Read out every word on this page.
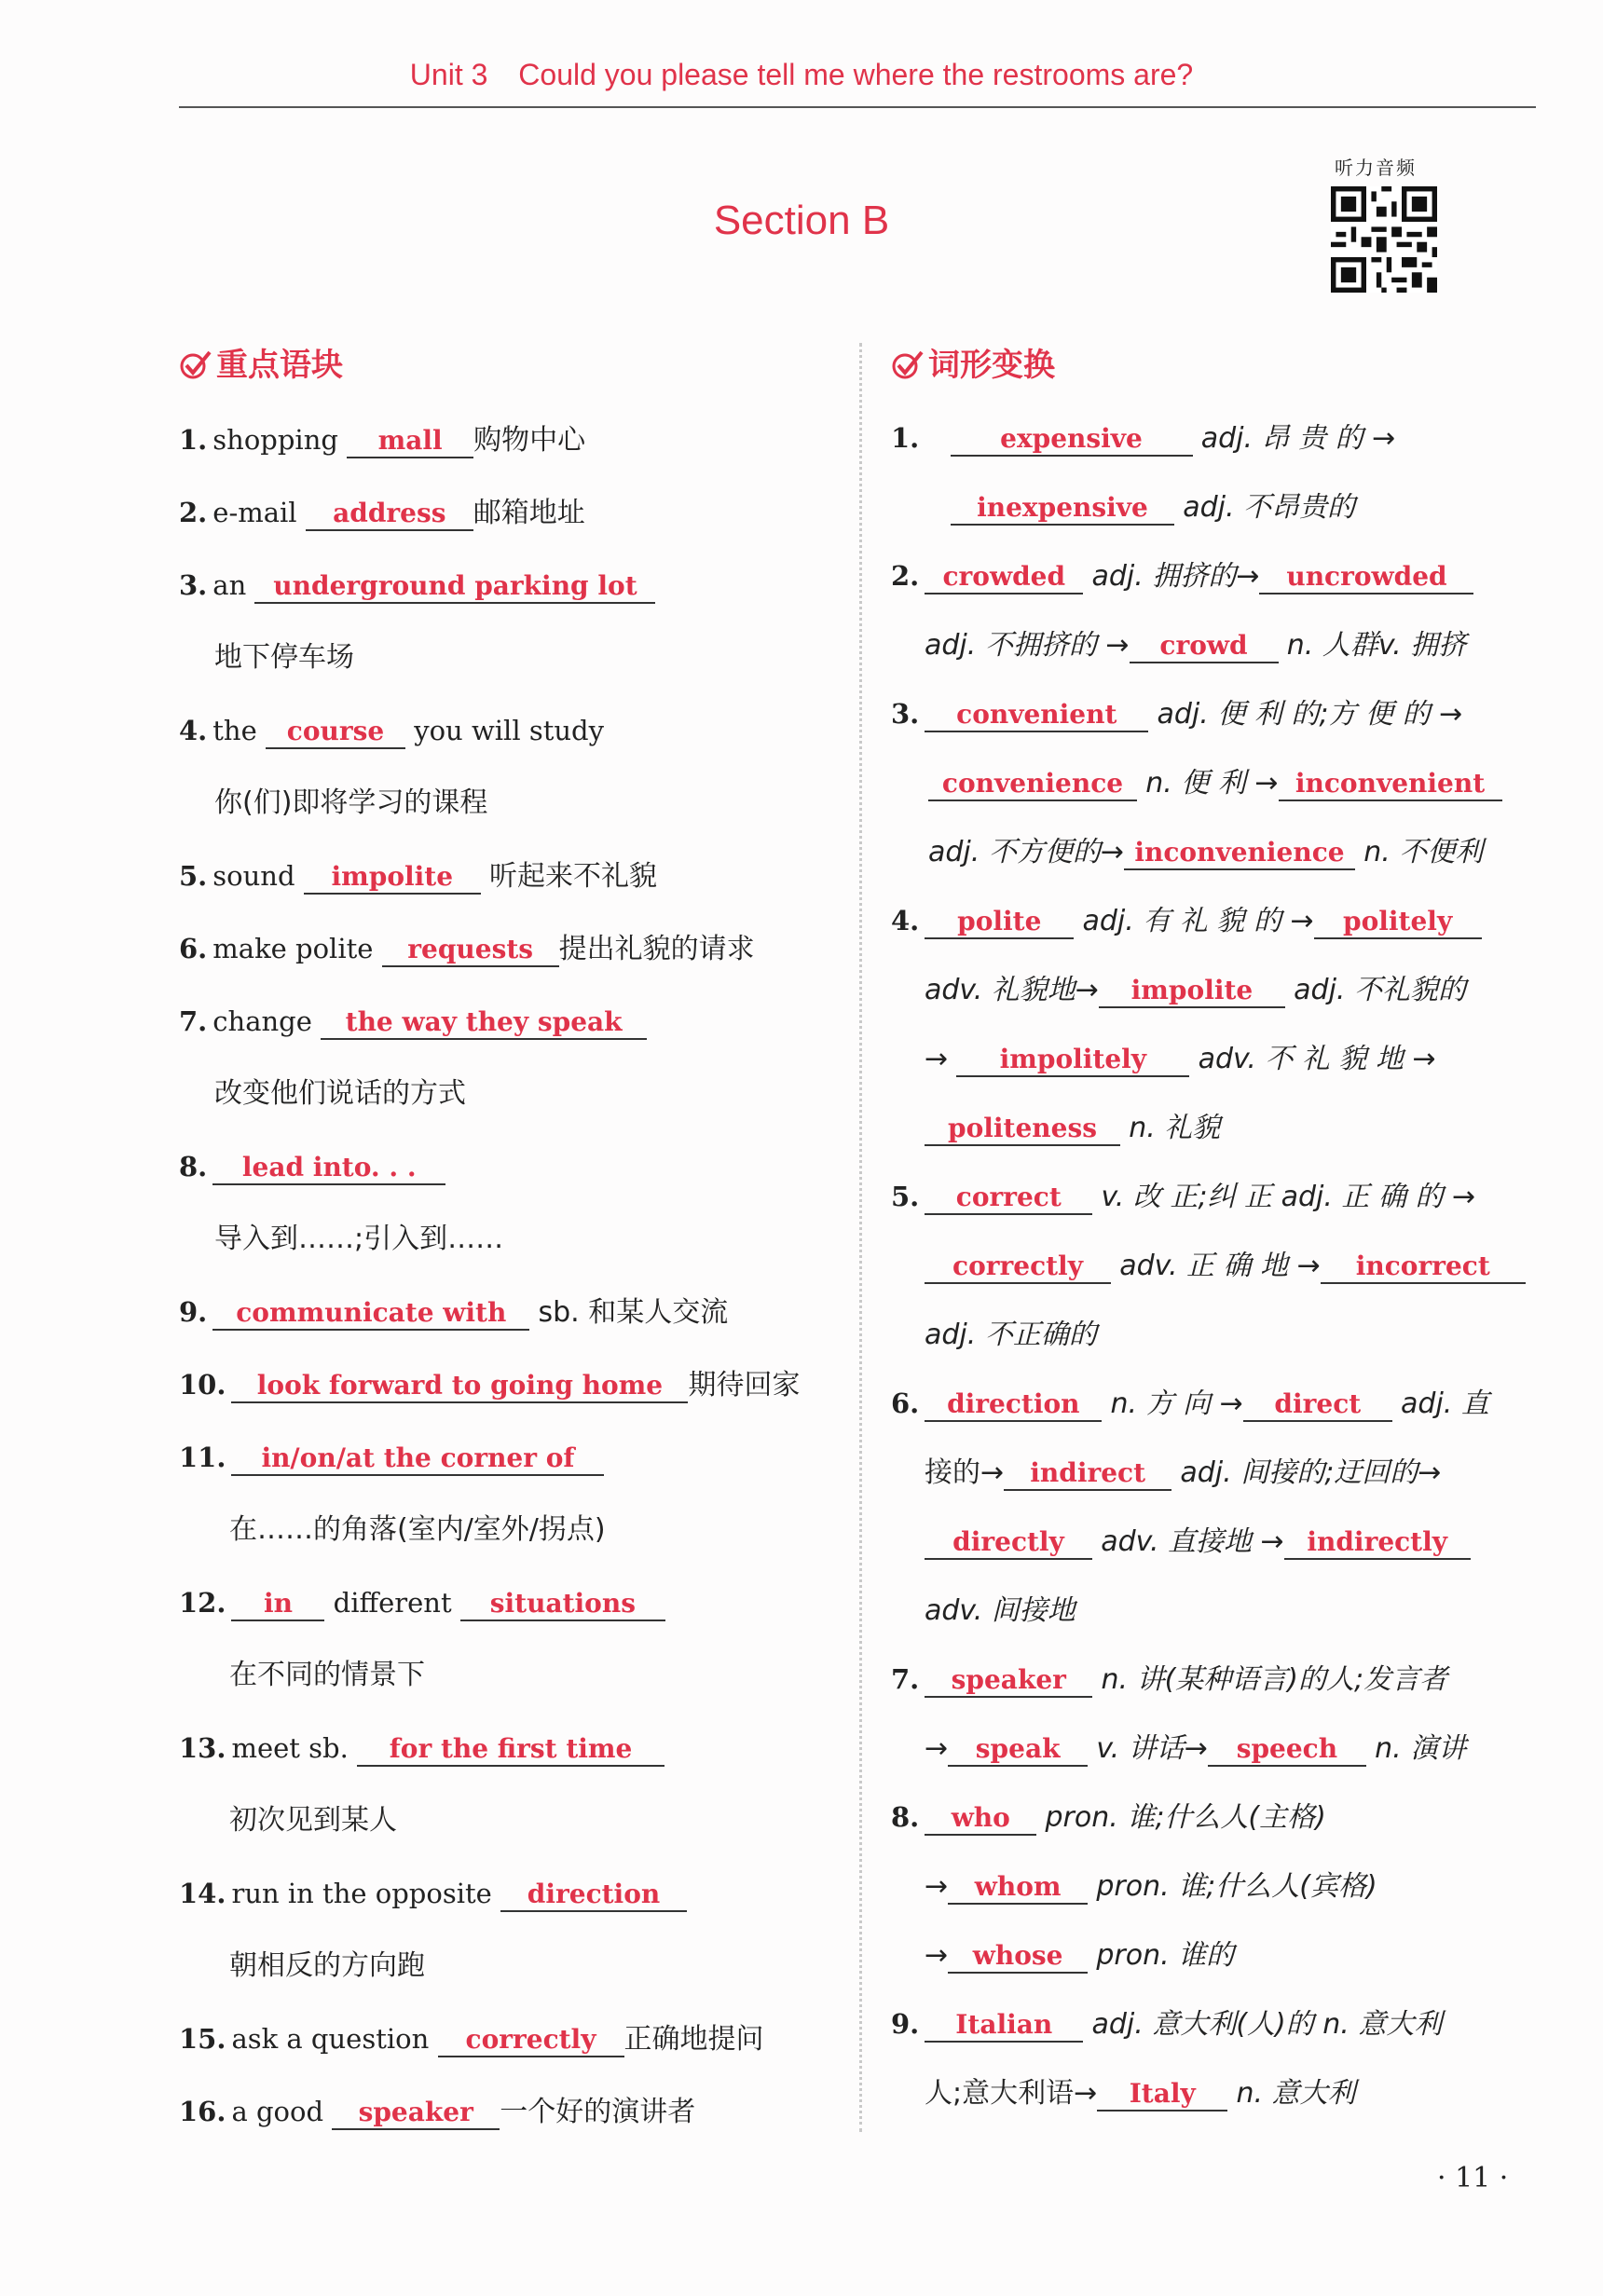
Unit 3 Could you please tell me where the restrooms are?
Section B
听力音频
重点语块
1. shopping mall 购物中心
2. e-mail address 邮箱地址
3. an underground parking lot
地下停车场
4. the course you will study
你(们)即将学习的课程
5. sound impolite 听起来不礼貌
6. make polite requests 提出礼貌的请求
7. change the way they speak
改变他们说话的方式
8. lead into. . .
导入到……;引入到……
9. communicate with sb. 和某人交流
10. look forward to going home 期待回家
11. in/on/at the corner of
在……的角落(室内/室外/拐点)
12. in different situations
在不同的情景下
13. meet sb. for the first time
初次见到某人
14. run in the opposite direction
朝相反的方向跑
15. ask a question correctly 正确地提问
16. a good speaker 一个好的演讲者
词形变换
1.	expensive adj. 昂 贵 的 →
inexpensive adj. 不昂贵的
2. crowded adj. 拥挤的→ uncrowded
adj. 不拥挤的 → crowd n. 人群v. 拥挤
3. convenient adj. 便 利 的;方 便 的 →
convenience n. 便 利 → inconvenient
adj. 不方便的→ inconvenience n. 不便利
4. polite adj. 有 礼 貌 的 → politely
adv. 礼貌地→ impolite adj. 不礼貌的
→ impolitely adv. 不 礼 貌 地 →
politeness n. 礼貌
5. correct v. 改 正;纠 正 adj. 正 确 的 →
correctly adv. 正 确 地 → incorrect
adj. 不正确的
6. direction n. 方 向 → direct adj. 直
接的→ indirect adj. 间接的;迂回的→
directly adv. 直接地 → indirectly
adv. 间接地
7. speaker n. 讲(某种语言)的人;发言者
→ speak v. 讲话→ speech n. 演讲
8. who pron. 谁;什么人(主格)
→ whom pron. 谁;什么人(宾格)
→ whose pron. 谁的
9. Italian adj. 意大利(人)的 n. 意大利
人;意大利语→ Italy n. 意大利
· 11 ·
